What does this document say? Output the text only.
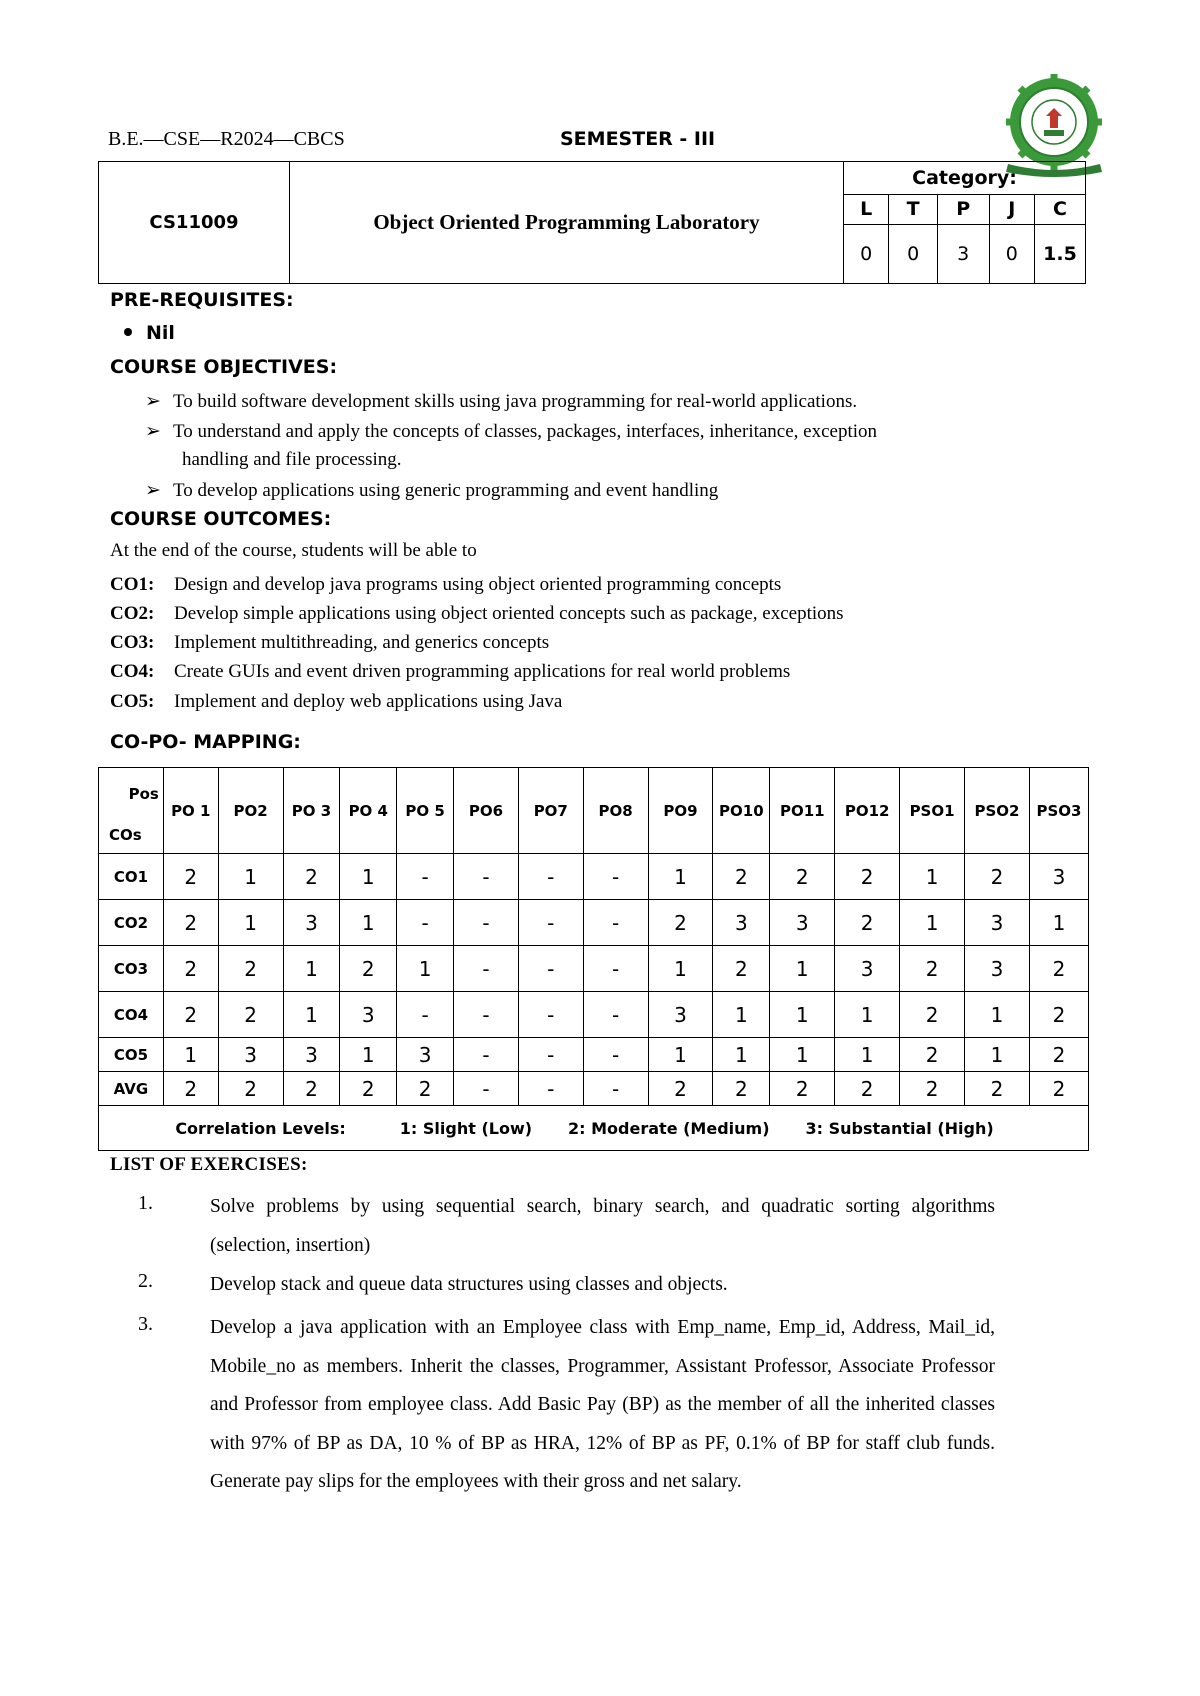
B.E.—CSE—R2024—CBCS	SEMESTER - III
CS11009	Object Oriented Programming Laboratory	Category:				
		L	T	P	J	C
		0	0	3	0	1.5
PRE-REQUISITES:
Nil
COURSE OBJECTIVES:
➢ To build software development skills using java programming for real-world applications.
➢ To understand and apply the concepts of classes, packages, interfaces, inheritance, exception
handling and file processing.
➢ To develop applications using generic programming and event handling
COURSE OUTCOMES:
At the end of the course, students will be able to
CO1: Design and develop java programs using object oriented programming concepts
CO2: Develop simple applications using object oriented concepts such as package, exceptions
CO3: Implement multithreading, and generics concepts
CO4: Create GUIs and event driven programming applications for real world problems
CO5: Implement and deploy web applications using Java
CO-PO- MAPPING:
Pos
COs	PO 1	PO2	PO 3	PO 4	PO 5	PO6	PO7	PO8	PO9	PO10	PO11	PO12	PSO1	PSO2	PSO3
CO1	2	1	2	1	-	-	-	-	1	2	2	2	1	2	3
CO2	2	1	3	1	-	-	-	-	2	3	3	2	1	3	1
CO3	2	2	1	2	1	-	-	-	1	2	1	3	2	3	2
CO4	2	2	1	3	-	-	-	-	3	1	1	1	2	1	2
CO5	1	3	3	1	3	-	-	-	1	1	1	1	2	1	2
AVG	2	2	2	2	2	-	-	-	2	2	2	2	2	2	2
Correlation Levels: 1: Slight (Low) 2: Moderate (Medium) 3: Substantial (High)															
LIST OF EXERCISES:
1.	Solve problems by using sequential search, binary search, and quadratic sorting algorithms (selection, insertion)
2.	Develop stack and queue data structures using classes and objects.
3.	Develop a java application with an Employee class with Emp_name, Emp_id, Address, Mail_id, Mobile_no as members. Inherit the classes, Programmer, Assistant Professor, Associate Professor and Professor from employee class. Add Basic Pay (BP) as the member of all the inherited classes with 97% of BP as DA, 10 % of BP as HRA, 12% of BP as PF, 0.1% of BP for staff club funds. Generate pay slips for the employees with their gross and net salary.
